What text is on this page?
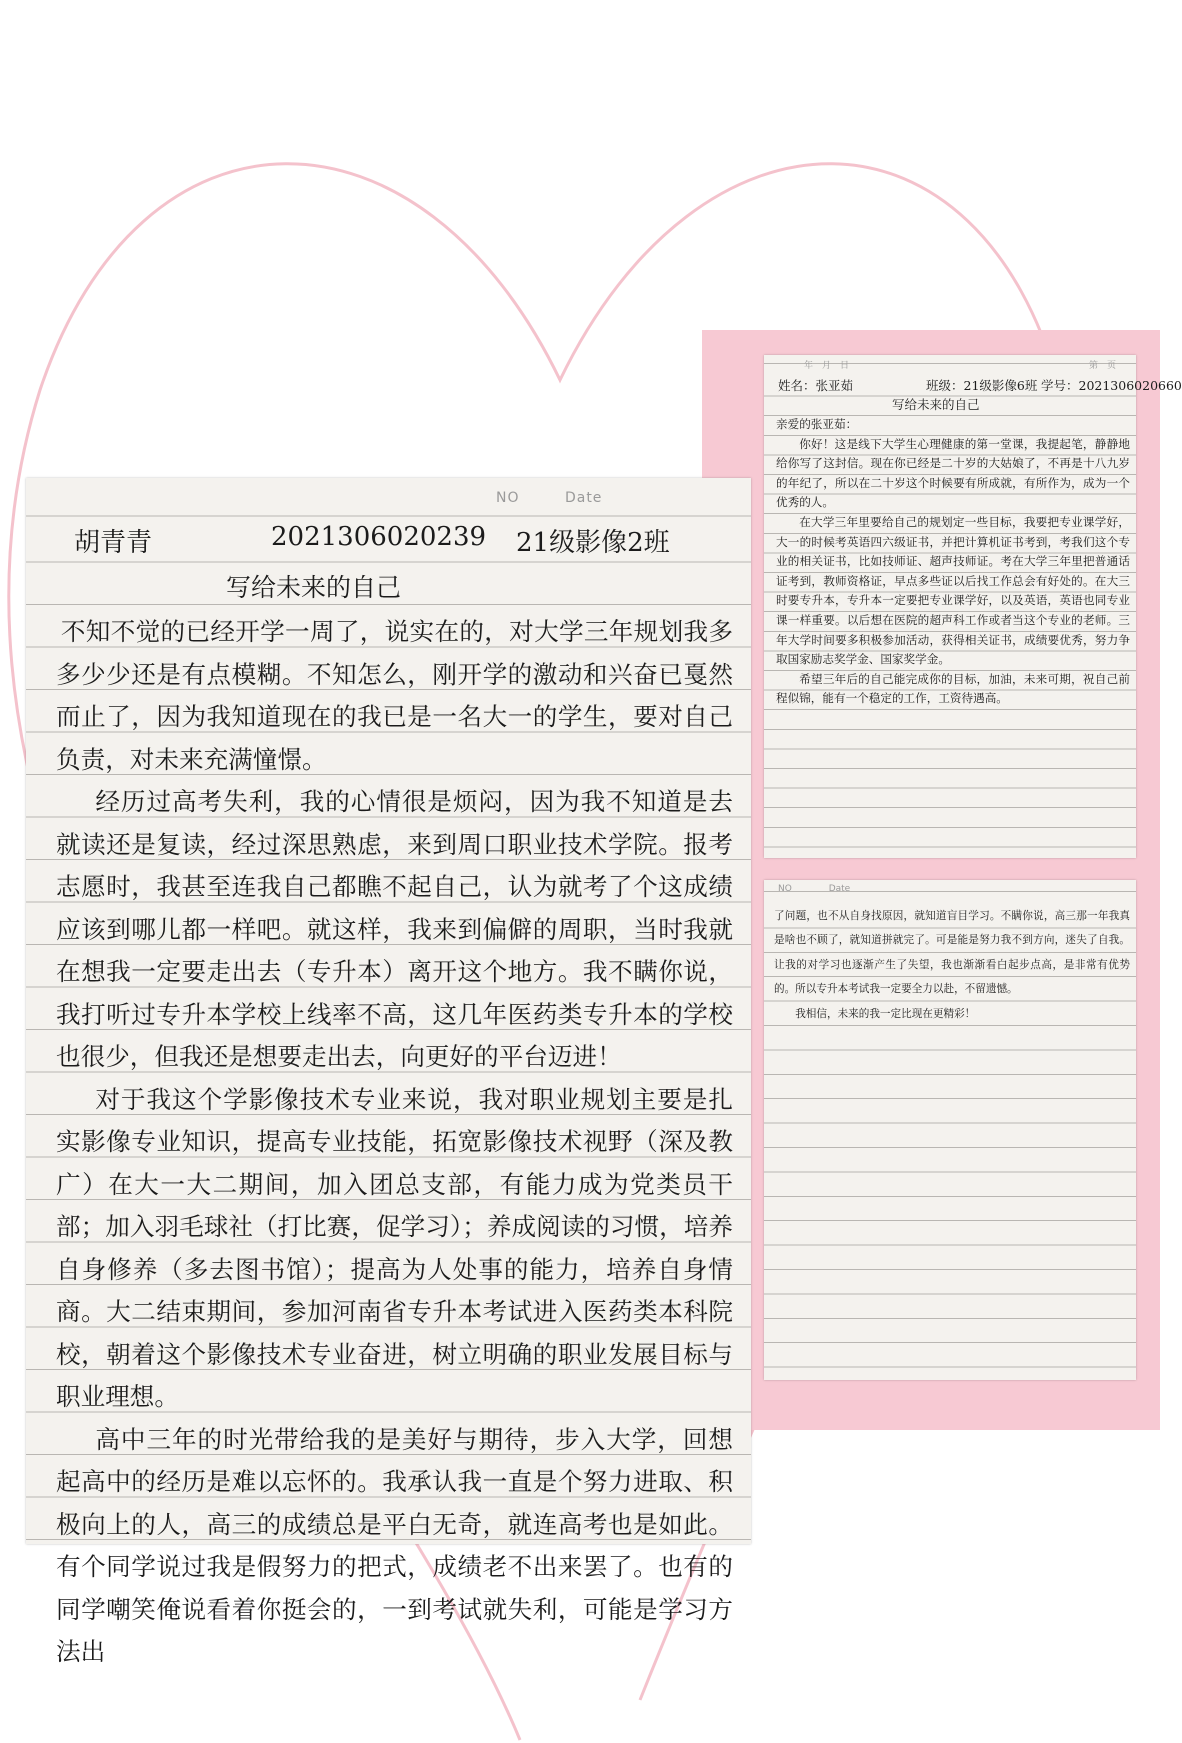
NO	Date
胡青青	2021306020239 21级影像2班
写给未来的自己

不知不觉的已经开学一周了，说实在的，对大学三年规划我多多少少还是有点模糊。不知怎么，刚开学的激动和兴奋已戛然而止了，因为我知道现在的我已是一名大一的学生，要对自己负责，对未来充满憧憬。

经历过高考失利，我的心情很是烦闷，因为我不知道是去就读还是复读，经过深思熟虑，来到周口职业技术学院。报考志愿时，我甚至连我自己都瞧不起自己，认为就考了个这成绩应该到哪儿都一样吧。就这样，我来到偏僻的周职，当时我就在想我一定要走出去（专升本）离开这个地方。我不瞒你说，我打听过专升本学校上线率不高，这几年医药类专升本的学校也很少，但我还是想要走出去，向更好的平台迈进！

对于我这个学影像技术专业来说，我对职业规划主要是扎实影像专业知识，提高专业技能，拓宽影像技术视野（深及教广）在大一大二期间，加入团总支部，有能力成为党类员干部；加入羽毛球社（打比赛，促学习）；养成阅读的习惯，培养自身修养（多去图书馆）；提高为人处事的能力，培养自身情商。大二结束期间，参加河南省专升本考试进入医药类本科院校，朝着这个影像技术专业奋进，树立明确的职业发展目标与职业理想。

高中三年的时光带给我的是美好与期待，步入大学，回想起高中的经历是难以忘怀的。我承认我一直是个努力进取、积极向上的人，高三的成绩总是平白无奇，就连高考也是如此。有个同学说过我是假努力的把式，成绩老不出来罢了。也有的同学嘲笑俺说看着你挺会的，一到考试就失利，可能是学习方法出

年　月　日	第　页
姓名：张亚茹	班级：21级影像6班 学号：2021306020660
写给未来的自己

亲爱的张亚茹：

你好！这是线下大学生心理健康的第一堂课，我提起笔，静静地给你写了这封信。现在你已经是二十岁的大姑娘了，不再是十八九岁的年纪了，所以在二十岁这个时候要有所成就，有所作为，成为一个优秀的人。

在大学三年里要给自己的规划定一些目标，我要把专业课学好，大一的时候考英语四六级证书，并把计算机证书考到，考我们这个专业的相关证书，比如技师证、超声技师证。考在大学三年里把普通话证考到，教师资格证，早点多些证以后找工作总会有好处的。在大三时要专升本，专升本一定要把专业课学好，以及英语，英语也同专业课一样重要。以后想在医院的超声科工作或者当这个专业的老师。三年大学时间要多积极参加活动，获得相关证书，成绩要优秀，努力争取国家励志奖学金、国家奖学金。

希望三年后的自己能完成你的目标，加油，未来可期，祝自己前程似锦，能有一个稳定的工作，工资待遇高。

NO	Date

了问题，也不从自身找原因，就知道盲目学习。不瞒你说，高三那一年我真是啥也不顾了，就知道拼就完了。可是能是努力我不到方向，迷失了自我。让我的对学习也逐渐产生了失望，我也渐渐看白起步点高，是非常有优势的。所以专升本考试我一定要全力以赴，不留遗憾。

我相信，未来的我一定比现在更精彩！
